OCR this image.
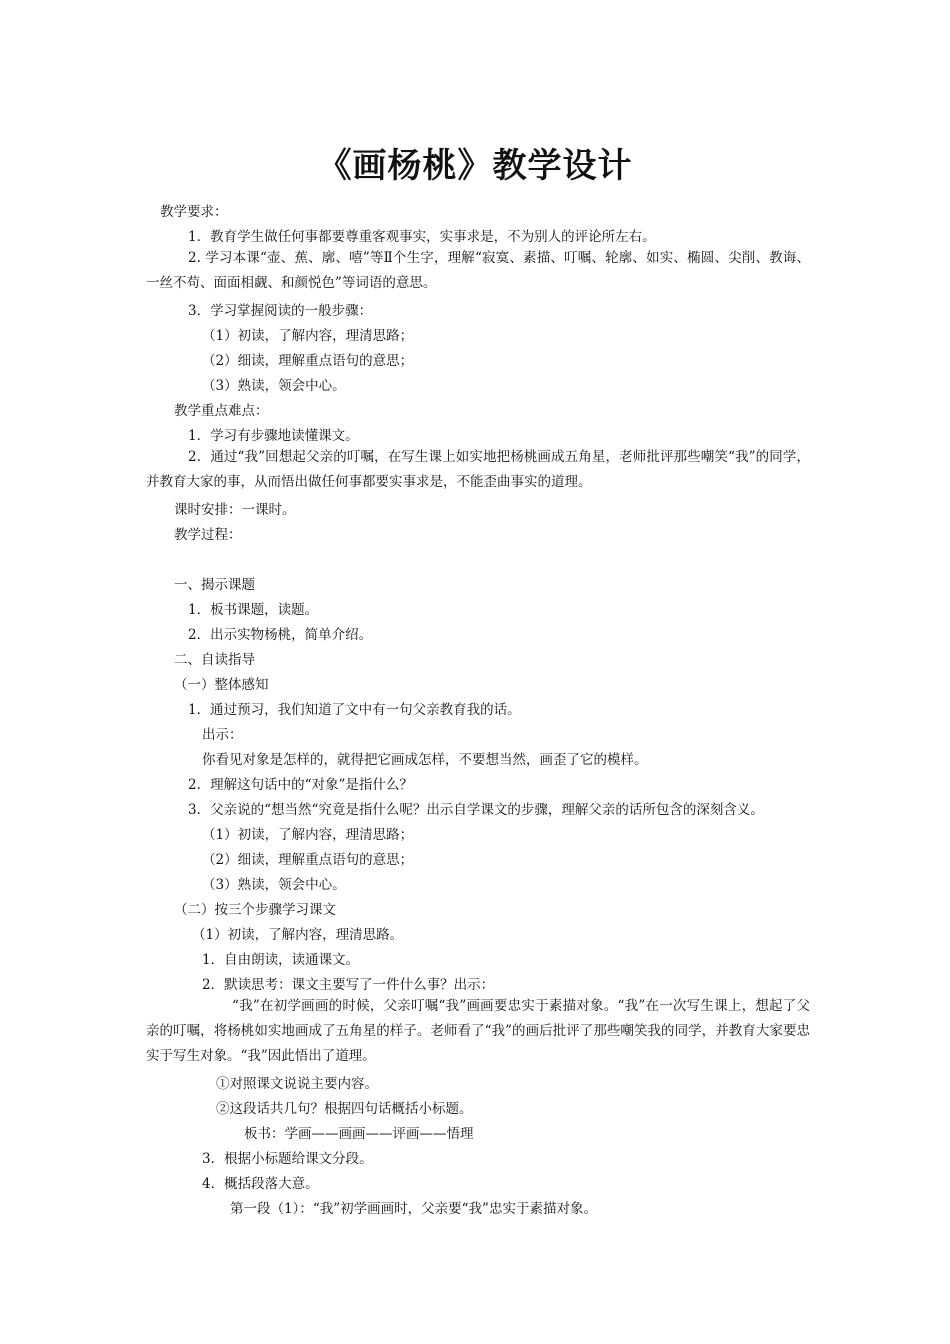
《画杨桃》教学设计

教学要求：

1．教育学生做任何事都要尊重客观事实，实事求是，不为别人的评论所左右。

2. 学习本课“壶、蕉、廓、嘻”等Ⅱ个生字，理解“寂寞、素描、叮嘱、轮廓、如实、椭圆、尖削、教诲、一丝不苟、面面相觑、和颜悦色”等词语的意思。

3．学习掌握阅读的一般步骤：

（1）初读，了解内容，理清思路；

（2）细读，理解重点语句的意思；

（3）熟读，领会中心。

教学重点难点：

1．学习有步骤地读懂课文。

2．通过“我”回想起父亲的叮嘱，在写生课上如实地把杨桃画成五角星，老师批评那些嘲笑“我”的同学，并教育大家的事，从而悟出做任何事都要实事求是，不能歪曲事实的道理。

课时安排：一课时。

教学过程：

一、揭示课题

1．板书课题，读题。

2．出示实物杨桃，简单介绍。

二、自读指导

（一）整体感知

1．通过预习，我们知道了文中有一句父亲教育我的话。

出示：

你看见对象是怎样的，就得把它画成怎样，不要想当然，画歪了它的模样。

2．理解这句话中的“对象”是指什么？

3．父亲说的“想当然“究竟是指什么呢？出示自学课文的步骤，理解父亲的话所包含的深刻含义。

（1）初读，了解内容，理清思路；

（2）细读，理解重点语句的意思；

（3）熟读，领会中心。

（二）按三个步骤学习课文

（1）初读，了解内容，理清思路。

1．自由朗读，读通课文。

2．默读思考：课文主要写了一件什么事？出示：

“我”在初学画画的时候，父亲叮嘱“我”画画要忠实于素描对象。“我”在一次写生课上，想起了父亲的叮嘱，将杨桃如实地画成了五角星的样子。老师看了“我”的画后批评了那些嘲笑我的同学，并教育大家要忠实于写生对象。“我”因此悟出了道理。

①对照课文说说主要内容。

②这段话共几句？根据四句话概括小标题。

板书：学画——画画——评画——悟理

3．根据小标题给课文分段。

4．概括段落大意。

第一段（1）：“我”初学画画时，父亲要“我”忠实于素描对象。
